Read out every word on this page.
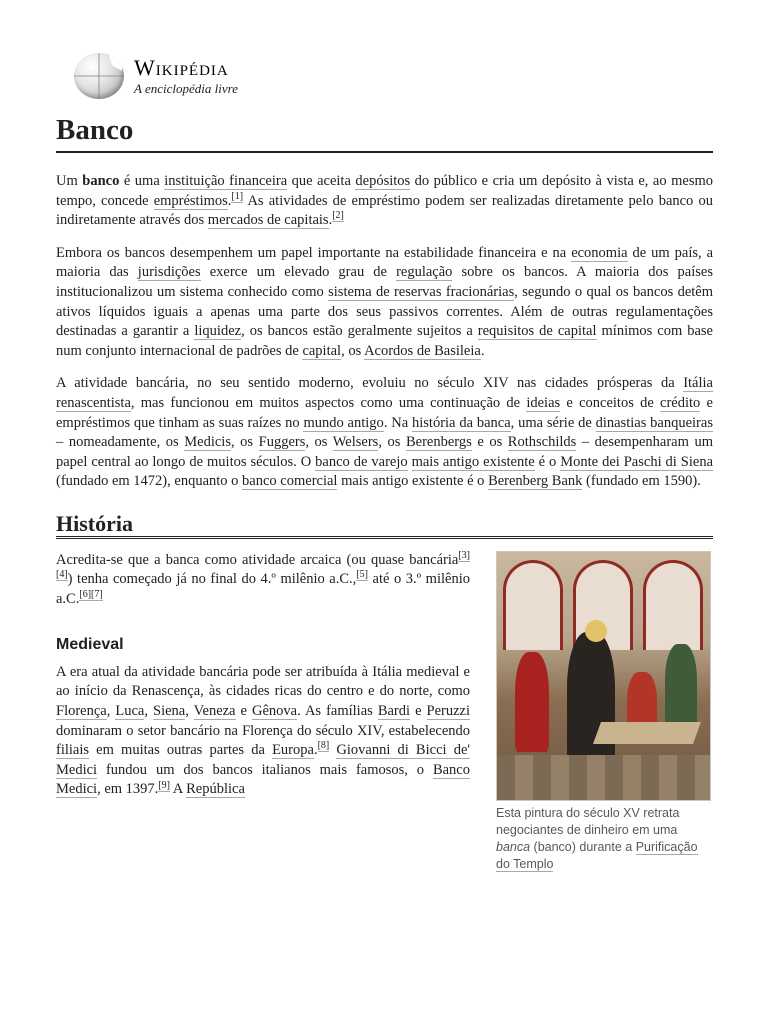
Wikipédia
A enciclopédia livre
Banco

Um banco é uma instituição financeira que aceita depósitos do público e cria um depósito à vista e, ao mesmo tempo, concede empréstimos.[1] As atividades de empréstimo podem ser realizadas diretamente pelo banco ou indiretamente através dos mercados de capitais.[2]

Embora os bancos desempenhem um papel importante na estabilidade financeira e na economia de um país, a maioria das jurisdições exerce um elevado grau de regulação sobre os bancos. A maioria dos países institucionalizou um sistema conhecido como sistema de reservas fracionárias, segundo o qual os bancos detêm ativos líquidos iguais a apenas uma parte dos seus passivos correntes. Além de outras regulamentações destinadas a garantir a liquidez, os bancos estão geralmente sujeitos a requisitos de capital mínimos com base num conjunto internacional de padrões de capital, os Acordos de Basileia.

A atividade bancária, no seu sentido moderno, evoluiu no século XIV nas cidades prósperas da Itália renascentista, mas funcionou em muitos aspectos como uma continuação de ideias e conceitos de crédito e empréstimos que tinham as suas raízes no mundo antigo. Na história da banca, uma série de dinastias banqueiras – nomeadamente, os Medicis, os Fuggers, os Welsers, os Berenbergs e os Rothschilds – desempenharam um papel central ao longo de muitos séculos. O banco de varejo mais antigo existente é o Monte dei Paschi di Siena (fundado em 1472), enquanto o banco comercial mais antigo existente é o Berenberg Bank (fundado em 1590).

História

Acredita-se que a banca como atividade arcaica (ou quase bancária[3][4]) tenha começado já no final do 4.º milênio a.C.,[5] até o 3.º milênio a.C.[6][7]

Medieval

A era atual da atividade bancária pode ser atribuída à Itália medieval e ao início da Renascença, às cidades ricas do centro e do norte, como Florença, Luca, Siena, Veneza e Gênova. As famílias Bardi e Peruzzi dominaram o setor bancário na Florença do século XIV, estabelecendo filiais em muitas outras partes da Europa.[8] Giovanni di Bicci de' Medici fundou um dos bancos italianos mais famosos, o Banco Medici, em 1397.[9] A República

Esta pintura do século XV retrata negociantes de dinheiro em uma banca (banco) durante a Purificação do Templo
